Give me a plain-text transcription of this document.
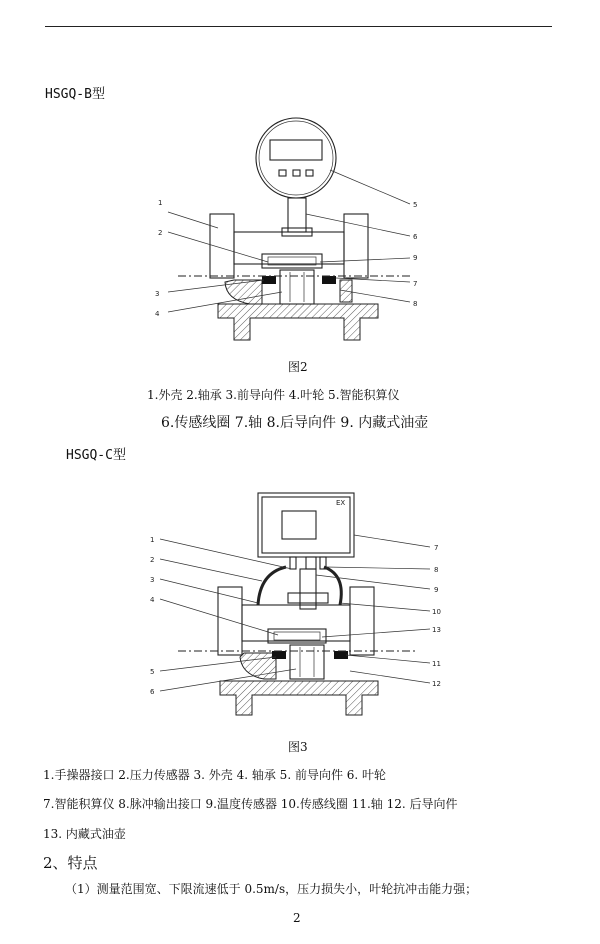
HSGQ-B型
1
2
3
4
5
6
9
7
8
图2
1.外壳 2.轴承 3.前导向件 4.叶轮 5.智能积算仪
6.传感线圈 7.轴 8.后导向件 9. 内藏式油壶
HSGQ-C型
EX
1
2
3
4
5
6
7
8
9
10
13
11
12
图3
1.手操器接口 2.压力传感器 3. 外壳 4. 轴承 5. 前导向件 6. 叶轮
7.智能积算仪 8.脉冲输出接口 9.温度传感器 10.传感线圈 11.轴 12. 后导向件
13. 内藏式油壶
2、特点
（1）测量范围宽、下限流速低于 0.5m/s，压力损失小，叶轮抗冲击能力强；
2
